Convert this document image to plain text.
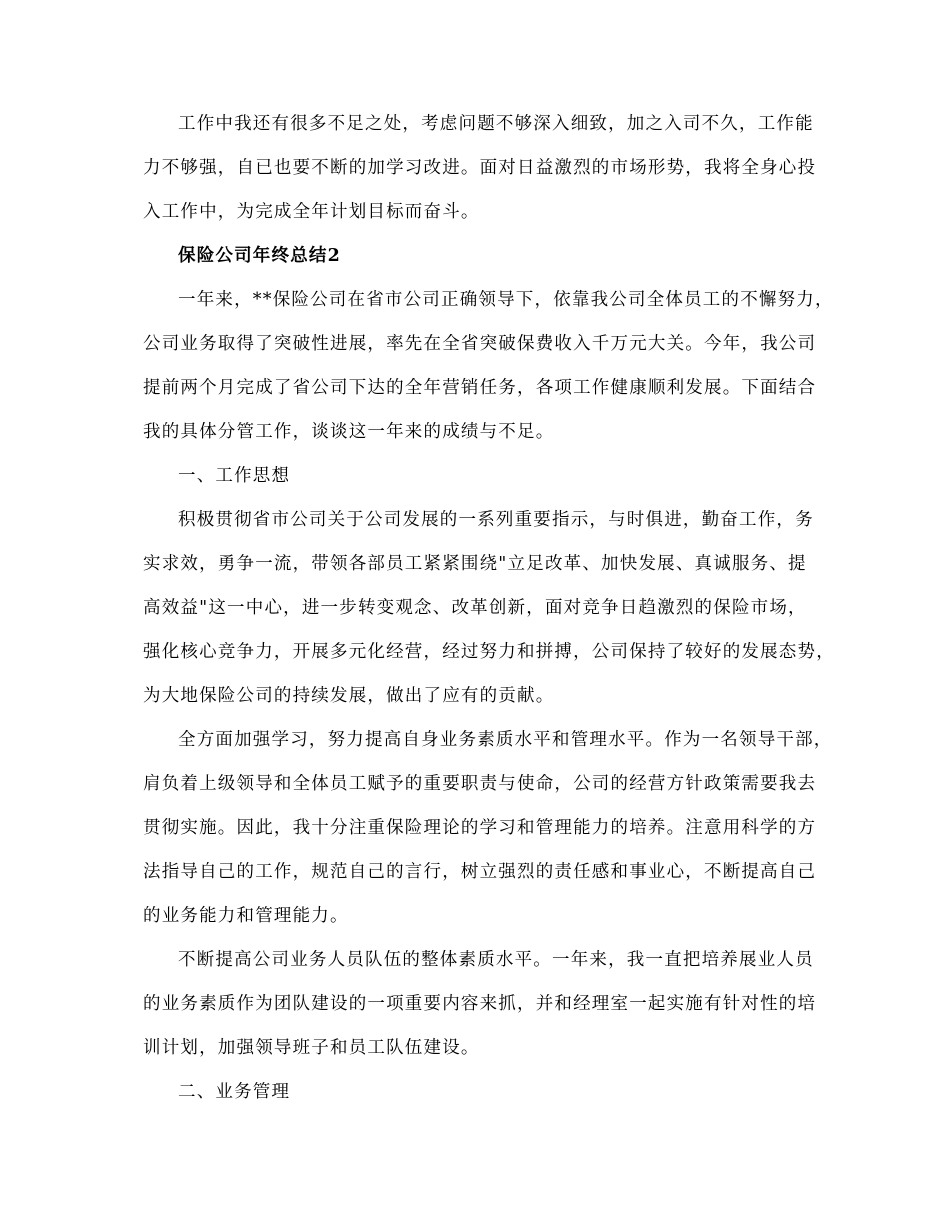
工作中我还有很多不足之处，考虑问题不够深入细致，加之入司不久，工作能
力不够强，自已也要不断的加学习改进。面对日益激烈的市场形势，我将全身心投
入工作中，为完成全年计划目标而奋斗。
保险公司年终总结2
一年来，**保险公司在省市公司正确领导下，依靠我公司全体员工的不懈努力，
公司业务取得了突破性进展，率先在全省突破保费收入千万元大关。今年，我公司
提前两个月完成了省公司下达的全年营销任务，各项工作健康顺利发展。下面结合
我的具体分管工作，谈谈这一年来的成绩与不足。
一、工作思想
积极贯彻省市公司关于公司发展的一系列重要指示，与时俱进，勤奋工作，务
实求效，勇争一流，带领各部员工紧紧围绕"立足改革、加快发展、真诚服务、提
高效益"这一中心，进一步转变观念、改革创新，面对竞争日趋激烈的保险市场，
强化核心竞争力，开展多元化经营，经过努力和拼搏，公司保持了较好的发展态势，
为大地保险公司的持续发展，做出了应有的贡献。
全方面加强学习，努力提高自身业务素质水平和管理水平。作为一名领导干部，
肩负着上级领导和全体员工赋予的重要职责与使命，公司的经营方针政策需要我去
贯彻实施。因此，我十分注重保险理论的学习和管理能力的培养。注意用科学的方
法指导自己的工作，规范自己的言行，树立强烈的责任感和事业心，不断提高自己
的业务能力和管理能力。
不断提高公司业务人员队伍的整体素质水平。一年来，我一直把培养展业人员
的业务素质作为团队建设的一项重要内容来抓，并和经理室一起实施有针对性的培
训计划，加强领导班子和员工队伍建设。
二、业务管理
